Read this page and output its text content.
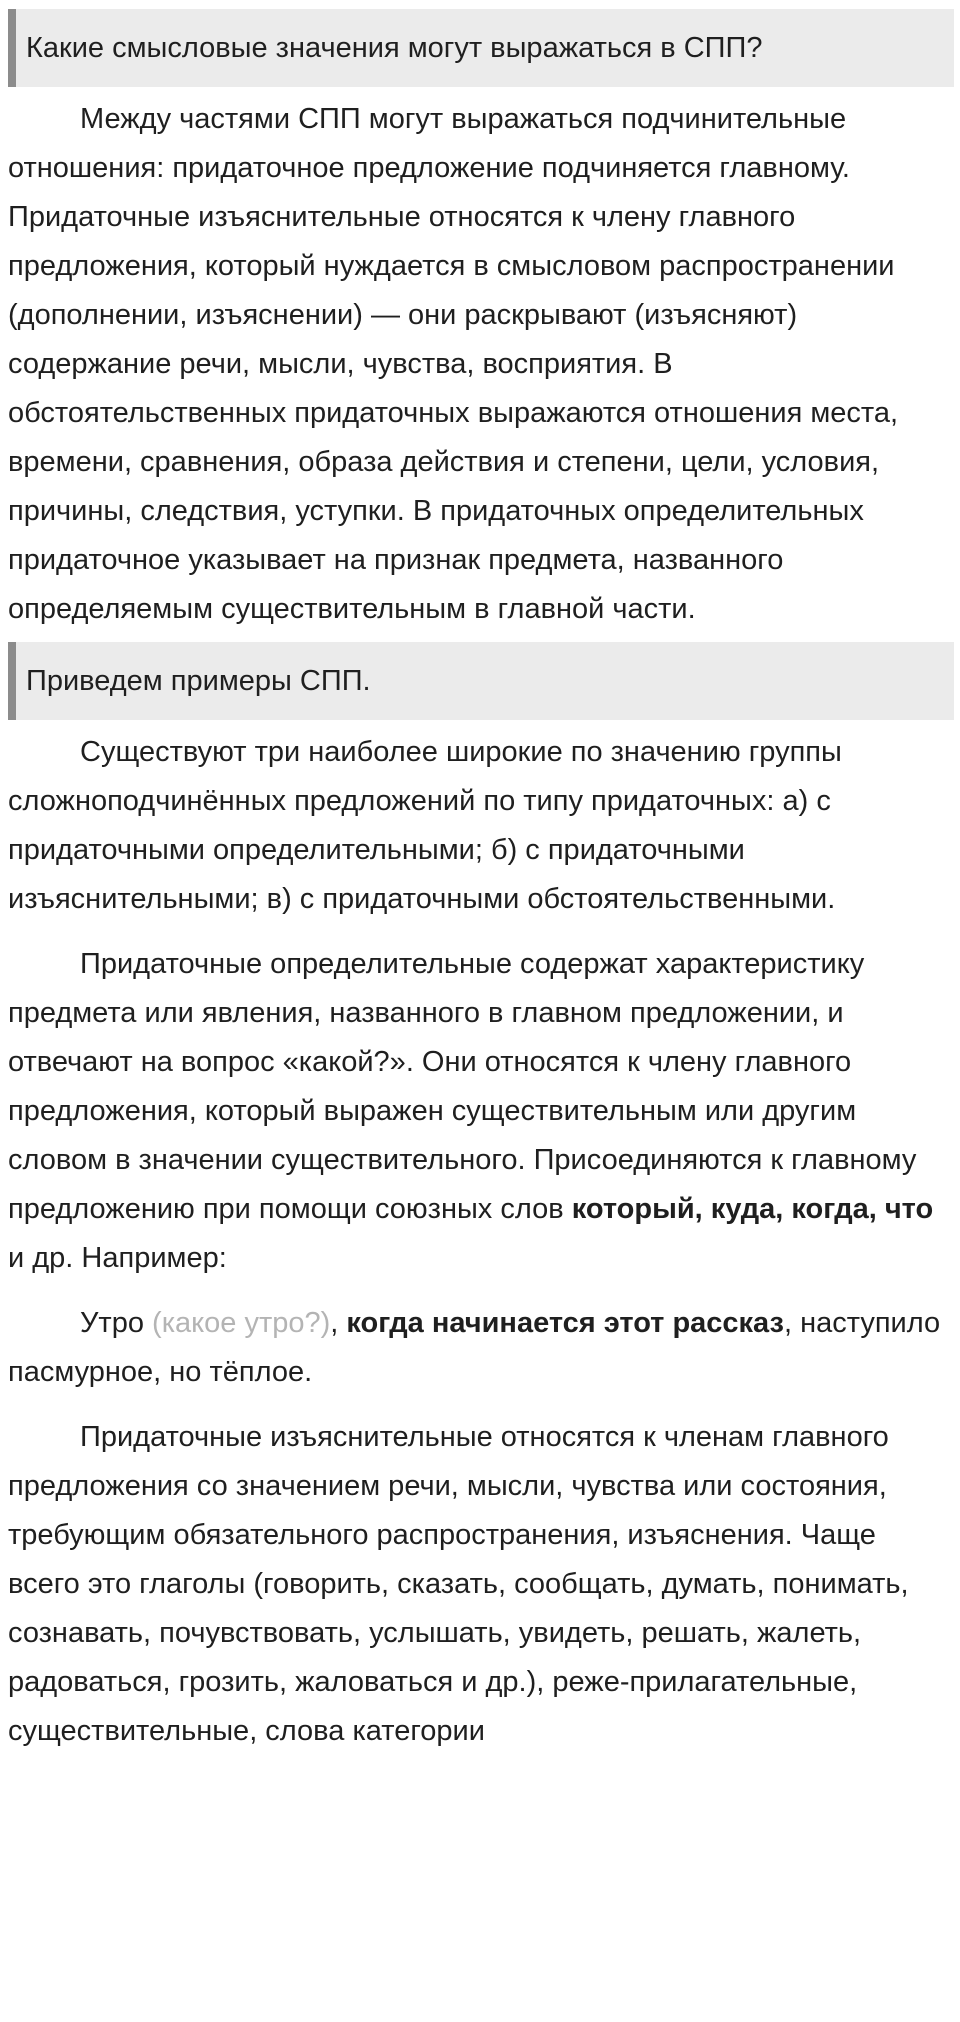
Какие смысловые значения могут выражаться в СПП?

Между частями СПП могут выражаться подчинительные отношения: придаточное предложение подчиняется главному. Придаточные изъяснительные относятся к члену главного предложения, который нуждается в смысловом распространении (дополнении, изъяснении) — они раскрывают (изъясняют) содержание речи, мысли, чувства, восприятия. В обстоятельственных придаточных выражаются отношения места, времени, сравнения, образа действия и степени, цели, условия, причины, следствия, уступки. В придаточных определительных придаточное указывает на признак предмета, названного определяемым существительным в главной части.

Приведем примеры СПП.

Существуют три наиболее широкие по значению группы сложноподчинённых предложений по типу придаточных: а) с придаточными определительными; б) с придаточными изъяснительными; в) с придаточными обстоятельственными.

Придаточные определительные содержат характеристику предмета или явления, названного в главном предложении, и отвечают на вопрос «какой?». Они относятся к члену главного предложения, который выражен существительным или другим словом в значении существительного. Присоединяются к главному предложению при помощи союзных слов который, куда, когда, что и др. Например:

Утро (какое утро?), когда начинается этот рассказ, наступило пасмурное, но тёплое.

Придаточные изъяснительные относятся к членам главного предложения со значением речи, мысли, чувства или состояния, требующим обязательного распространения, изъяснения. Чаще всего это глаголы (говорить, сказать, сообщать, думать, понимать, сознавать, почувствовать, услышать, увидеть, решать, жалеть, радоваться, грозить, жаловаться и др.), реже-прилагательные, существительные, слова категории
